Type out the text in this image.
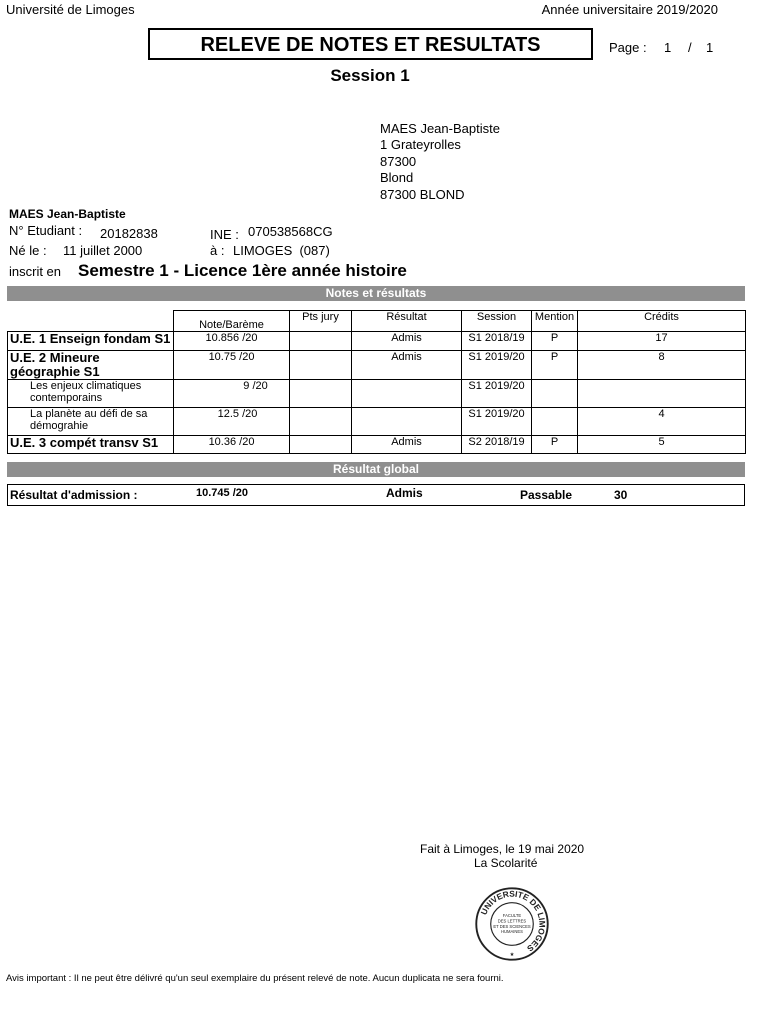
Université de Limoges	Année universitaire 2019/2020
RELEVE DE NOTES ET RESULTATS	Page : 1 / 1
Session 1
MAES Jean-Baptiste
1 Grateyrolles
87300
Blond
87300 BLOND
MAES Jean-Baptiste
N° Etudiant : 20182838	INE : 070538568CG
Né le : 11 juillet 2000	à : LIMOGES  (087)
inscrit en Semestre 1 - Licence 1ère année histoire
Notes et résultats
	Note/Barème	Pts jury	Résultat	Session	Mention	Crédits
U.E. 1 Enseign fondam S1	10.856 /20		Admis	S1 2018/19	P	17
U.E. 2 Mineure géographie S1	10.75 /20		Admis	S1 2019/20	P	8
Les enjeux climatiques contemporains	9 /20			S1 2019/20		
La planète au défi de sa démograhie	12.5 /20			S1 2019/20		4
U.E. 3 compét transv S1	10.36 /20		Admis	S2 2018/19	P	5
Résultat global
Résultat d'admission :	10.745 /20	Admis	Passable	30
Fait à Limoges, le 19 mai 2020
La Scolarité
UNIVERSITE DE LIMOGES
FACULTE
DES LETTRES
ET DES SCIENCES
HUMAINES
★
Avis important : Il ne peut être délivré qu'un seul exemplaire du présent relevé de note. Aucun duplicata ne sera fourni.
